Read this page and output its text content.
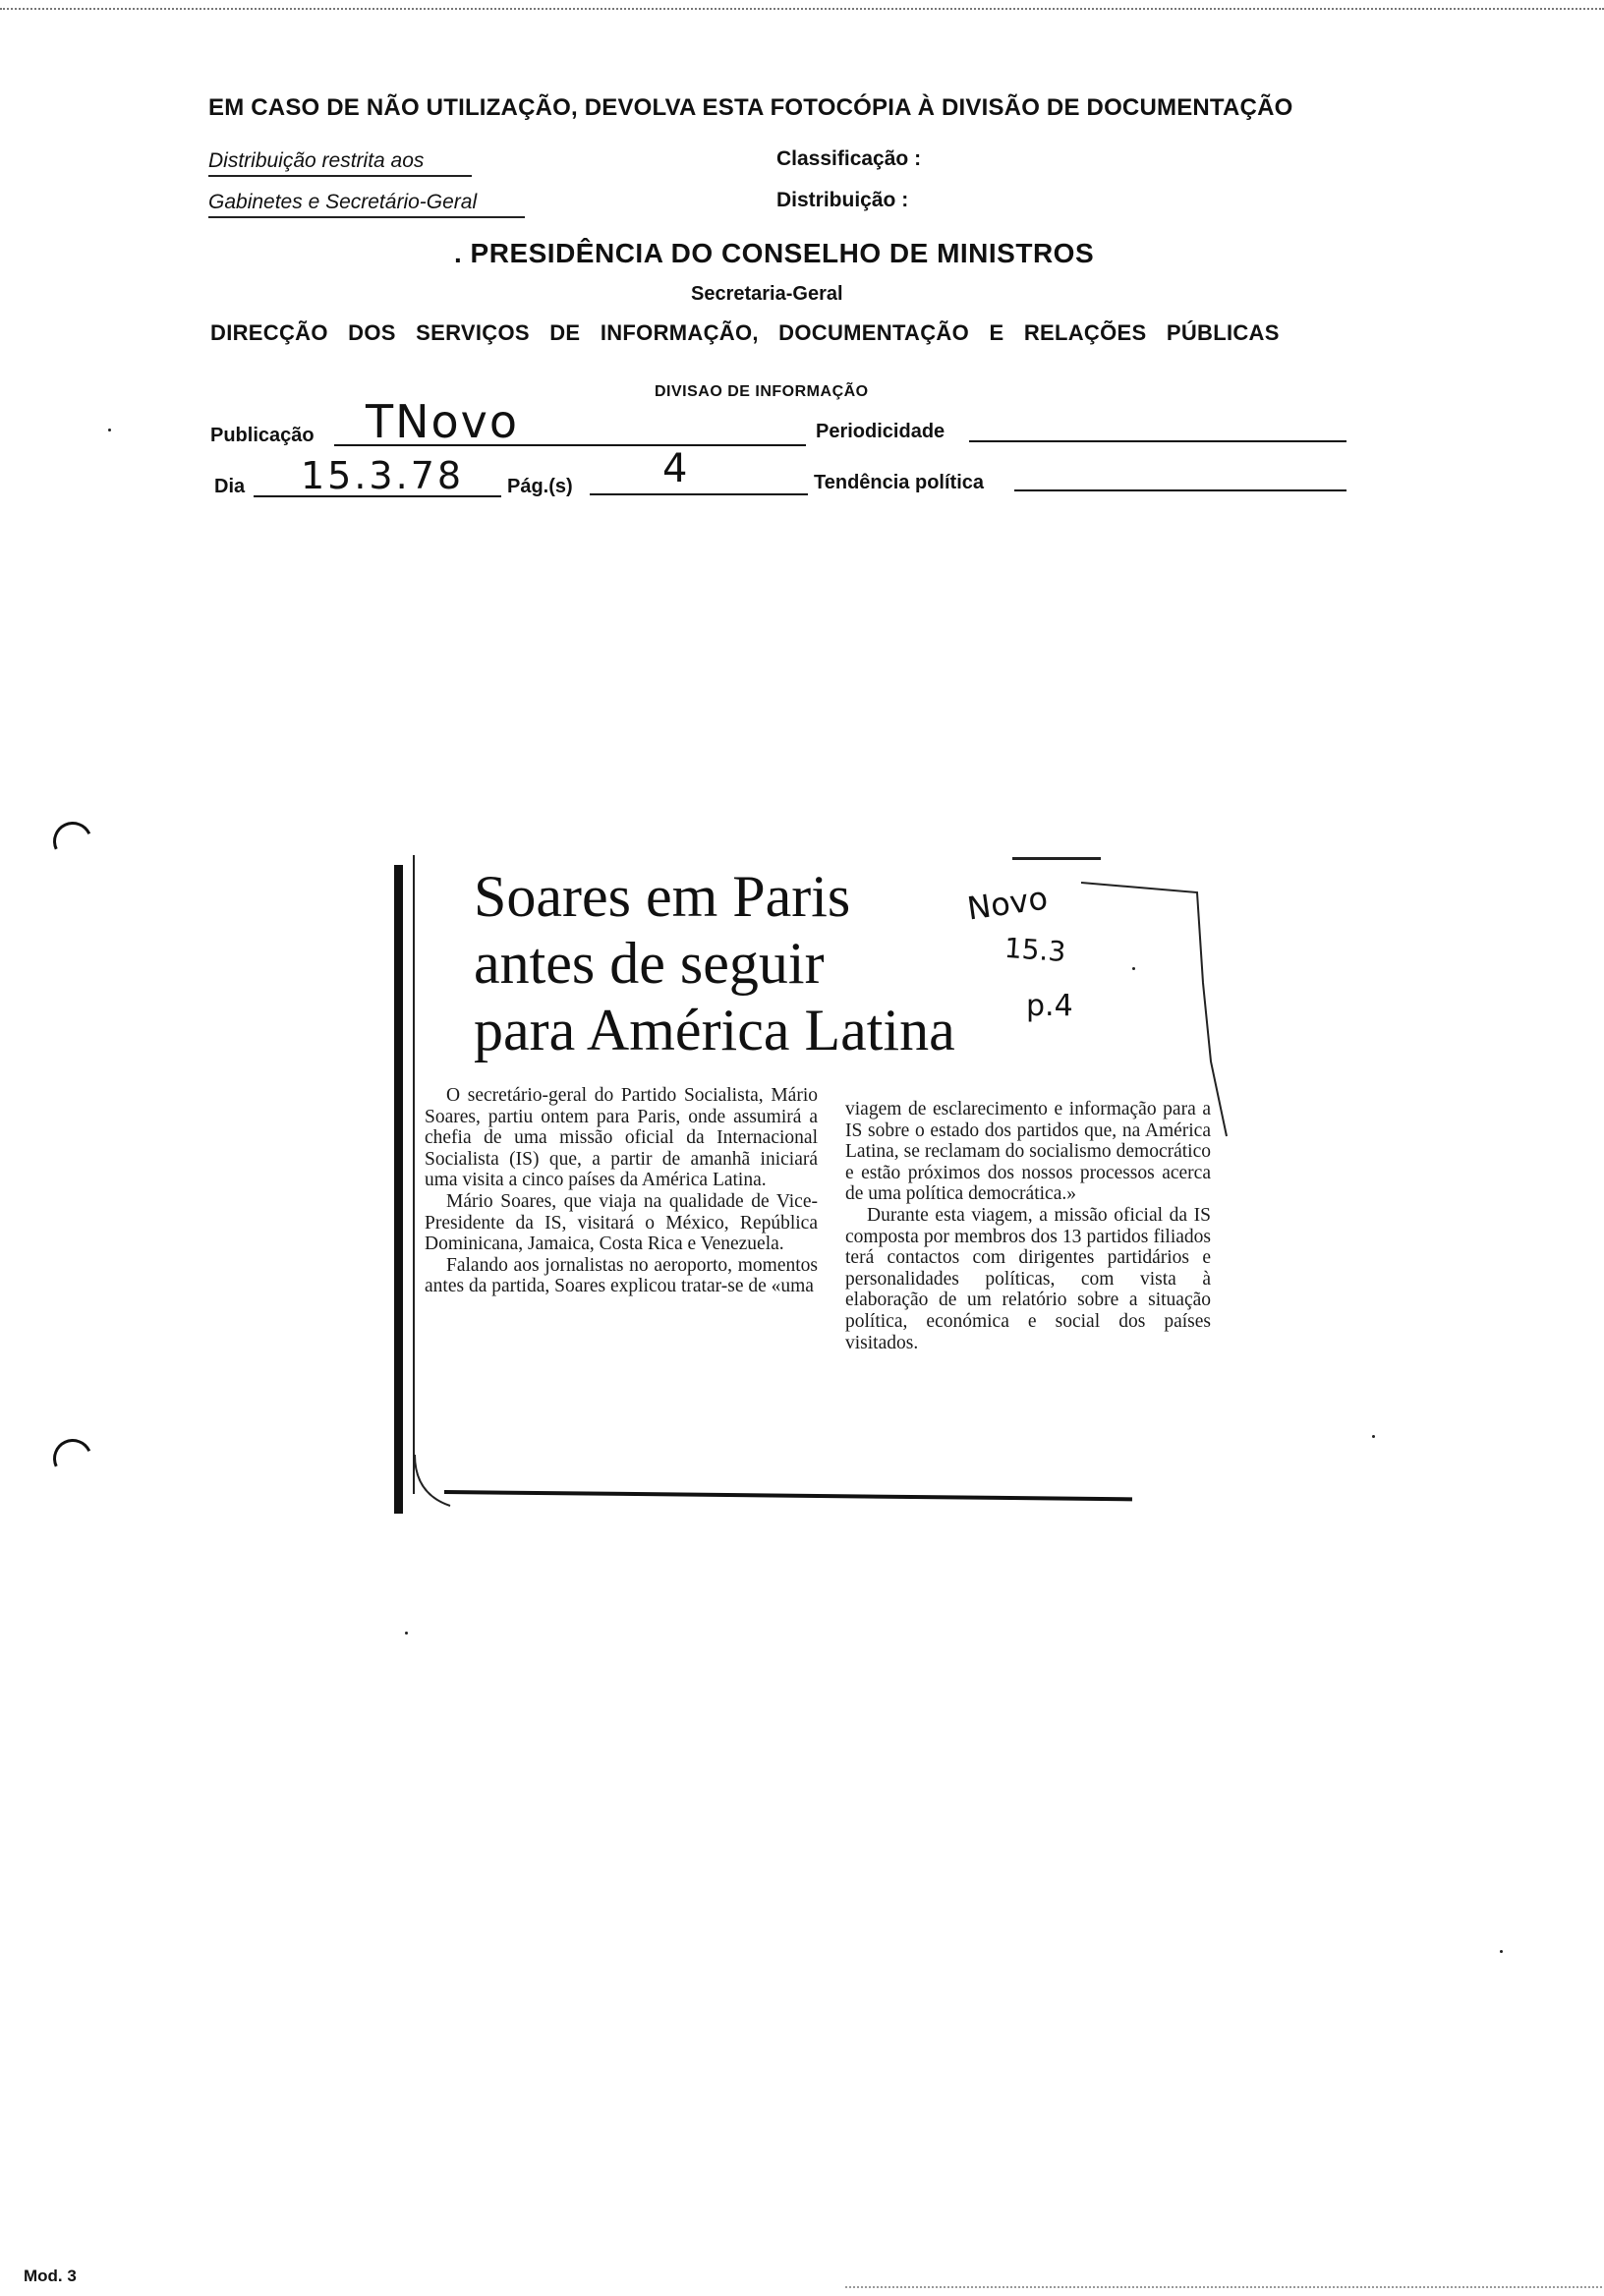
EM CASO DE NÃO UTILIZAÇÃO, DEVOLVA ESTA FOTOCÓPIA À DIVISÃO DE DOCUMENTAÇÃO
Distribuição restrita aos
Gabinetes e Secretário-Geral
Classificação :
Distribuição :
. PRESIDÊNCIA DO CONSELHO DE MINISTROS
Secretaria-Geral
DIRECÇÃO DOS SERVIÇOS DE INFORMAÇÃO, DOCUMENTAÇÃO E RELAÇÕES PÚBLICAS
DIVISAO DE INFORMAÇÃO
Publicação TNovo	Periodicidade
Dia 15.3.78 Pág.(s) 4	Tendência política
Soares em Paris
antes de seguir
para América Latina
Novo
15.3
p.4

O secretário-geral do Partido Socialista, Mário Soares, partiu ontem para Paris, onde assumirá a chefia de uma missão oficial da Internacional Socialista (IS) que, a partir de amanhã iniciará uma visita a cinco países da América Latina.

Mário Soares, que viaja na qualidade de Vice-Presidente da IS, visitará o México, República Dominicana, Jamaica, Costa Rica e Venezuela.

Falando aos jornalistas no aeroporto, momentos antes da partida, Soares explicou tratar-se de «uma

viagem de esclarecimento e informação para a IS sobre o estado dos partidos que, na América Latina, se reclamam do socialismo democrático e estão próximos dos nossos processos acerca de uma política democrática.»

Durante esta viagem, a missão oficial da IS composta por membros dos 13 partidos filiados terá contactos com dirigentes partidários e personalidades políticas, com vista à elaboração de um relatório sobre a situação política, económica e social dos países visitados.

Mod. 3
